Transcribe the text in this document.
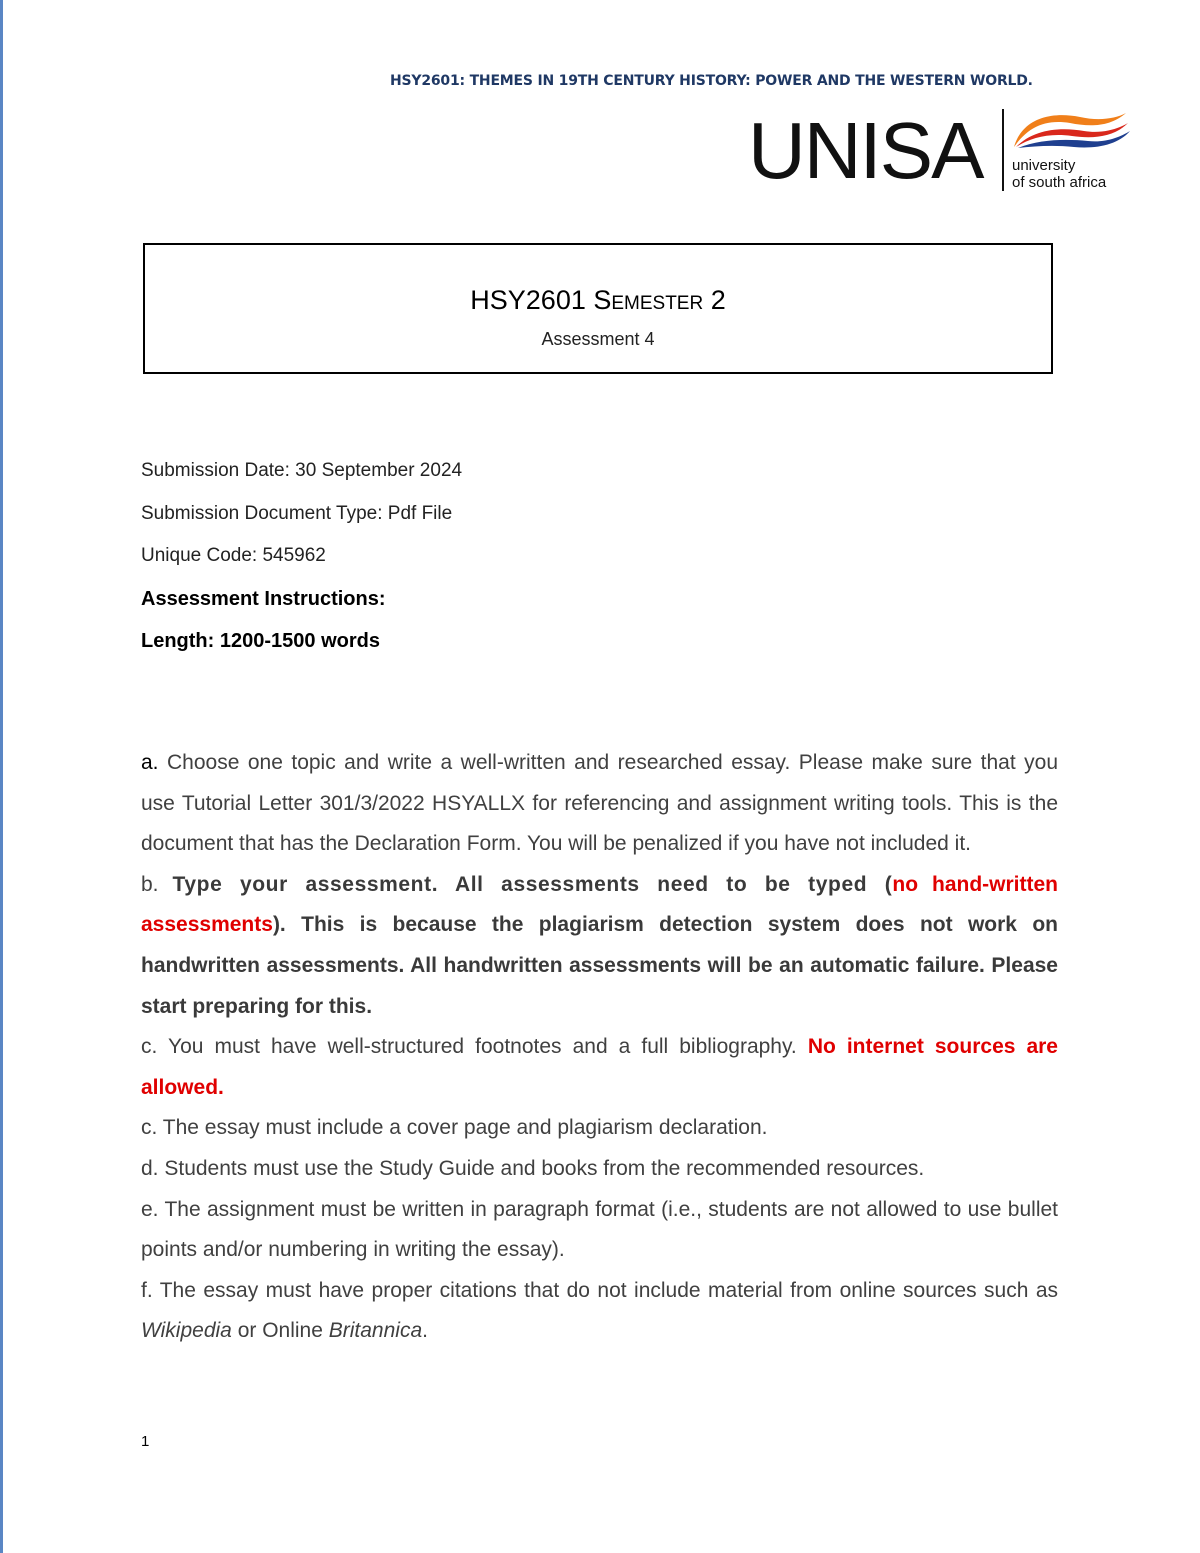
HSY2601: THEMES IN 19TH CENTURY HISTORY: POWER AND THE WESTERN WORLD.
UNISA university
of south africa
HSY2601 Semester 2
Assessment 4
Submission Date: 30 September 2024
Submission Document Type: Pdf File
Unique Code: 545962
Assessment Instructions:
Length: 1200-1500 words

a. Choose one topic and write a well-written and researched essay. Please make sure that you use Tutorial Letter 301/3/2022 HSYALLX for referencing and assignment writing tools. This is the document that has the Declaration Form. You will be penalized if you have not included it.

b. Type your assessment. All assessments need to be typed (no hand-written assessments). This is because the plagiarism detection system does not work on handwritten assessments. All handwritten assessments will be an automatic failure. Please start preparing for this.

c. You must have well-structured footnotes and a full bibliography. No internet sources are allowed.

c. The essay must include a cover page and plagiarism declaration.

d. Students must use the Study Guide and books from the recommended resources.

e. The assignment must be written in paragraph format (i.e., students are not allowed to use bullet points and/or numbering in writing the essay).

f. The essay must have proper citations that do not include material from online sources such as Wikipedia or Online Britannica.

1
